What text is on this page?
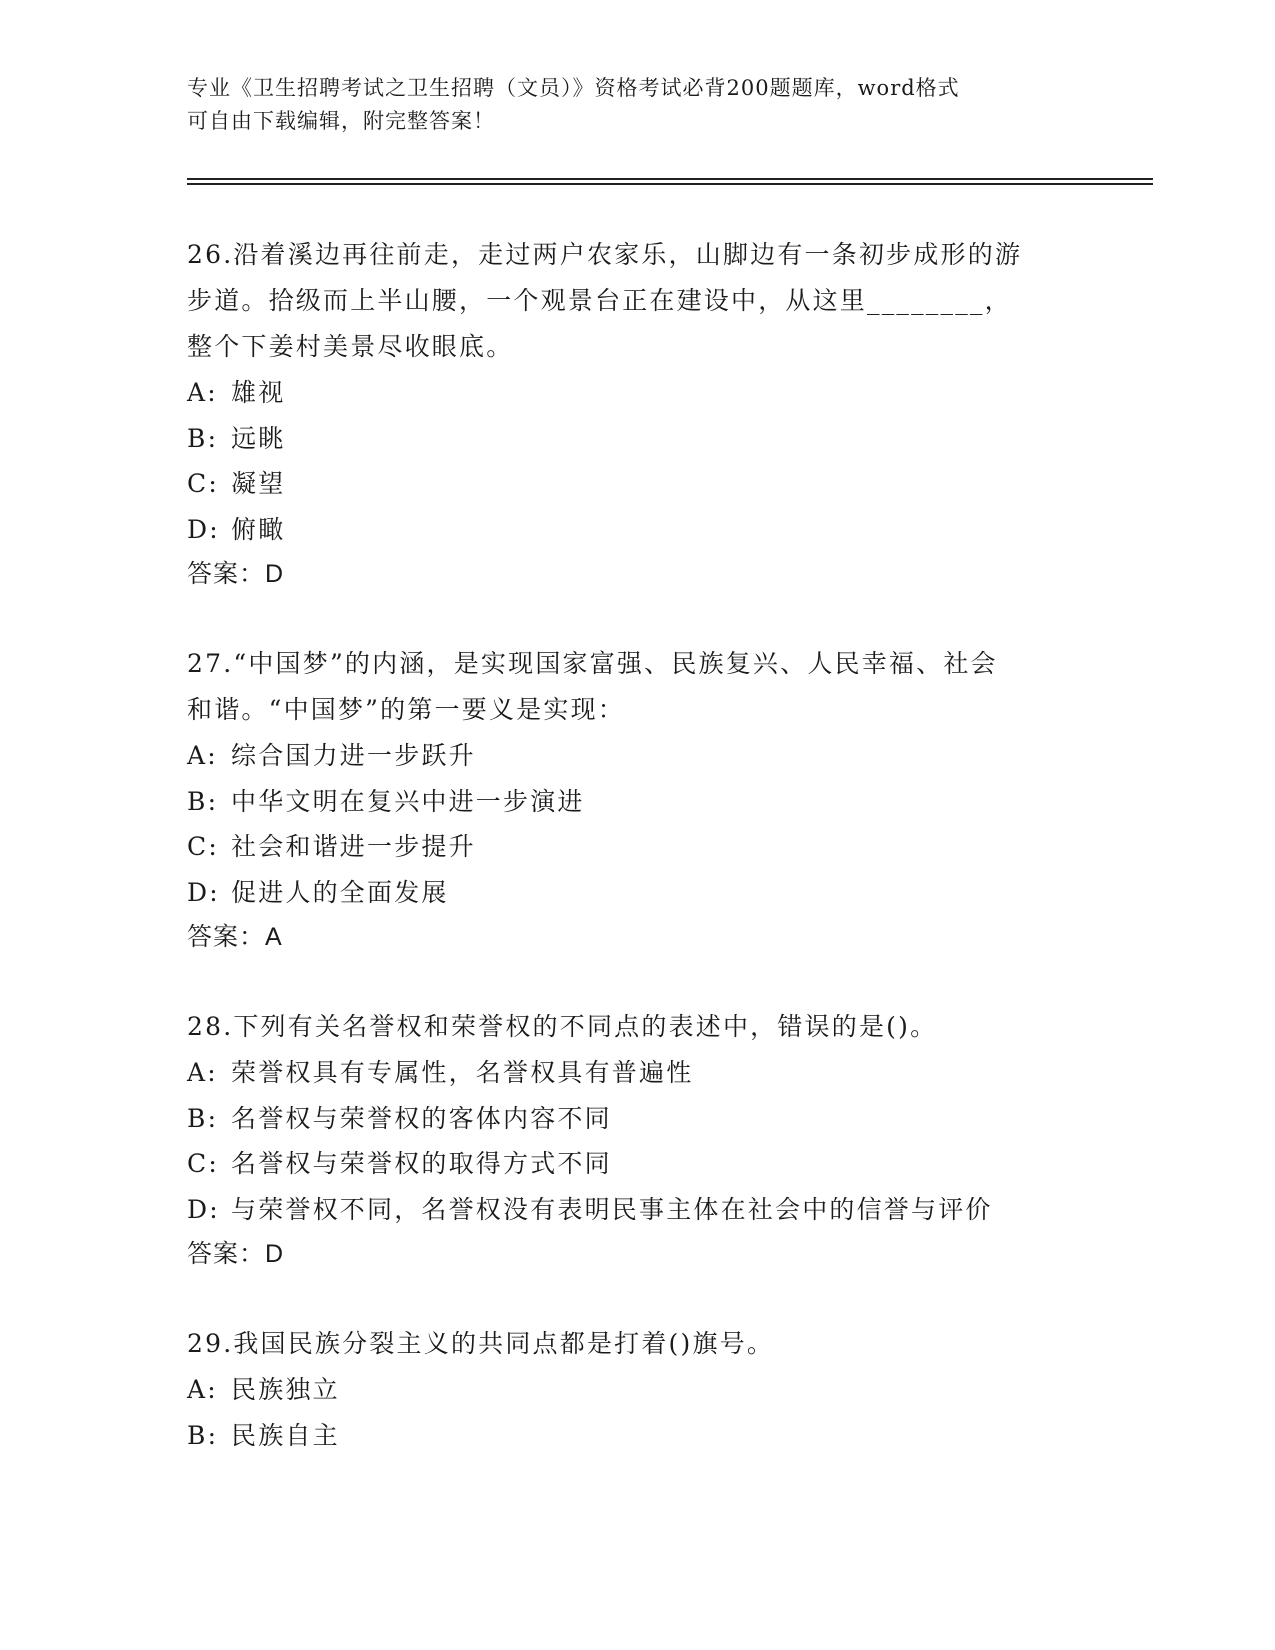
专业《卫生招聘考试之卫生招聘（文员）》资格考试必背200题题库，word格式
可自由下载编辑，附完整答案！
26.沿着溪边再往前走，走过两户农家乐，山脚边有一条初步成形的游
步道。拾级而上半山腰，一个观景台正在建设中，从这里________，
整个下姜村美景尽收眼底。
A: 雄视
B: 远眺
C: 凝望
D: 俯瞰
答案：D
27.“中国梦”的内涵，是实现国家富强、民族复兴、人民幸福、社会
和谐。“中国梦”的第一要义是实现：
A: 综合国力进一步跃升
B: 中华文明在复兴中进一步演进
C: 社会和谐进一步提升
D: 促进人的全面发展
答案：A
28.下列有关名誉权和荣誉权的不同点的表述中，错误的是()。
A: 荣誉权具有专属性，名誉权具有普遍性
B: 名誉权与荣誉权的客体内容不同
C: 名誉权与荣誉权的取得方式不同
D: 与荣誉权不同，名誉权没有表明民事主体在社会中的信誉与评价
答案：D
29.我国民族分裂主义的共同点都是打着()旗号。
A: 民族独立
B: 民族自主
